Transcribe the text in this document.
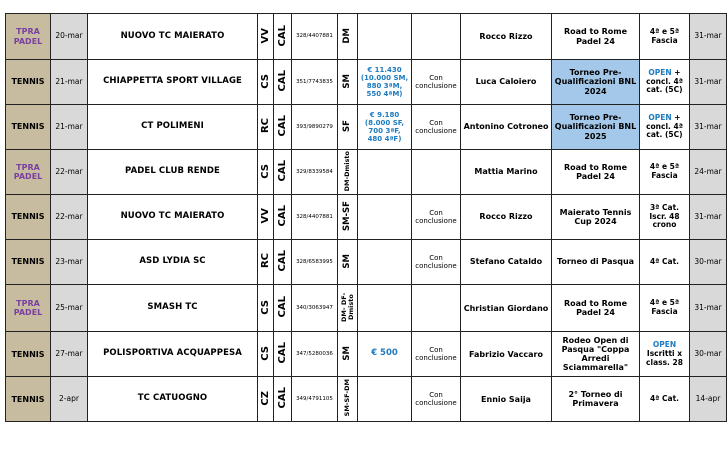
TPRA PADEL	20-mar	NUOVO TC MAIERATO	VV	CAL	328/4407881	DM			Rocco Rizzo	Road to Rome Padel 24	4ª e 5ª Fascia	31-mar
TENNIS	21-mar	CHIAPPETTA SPORT VILLAGE	CS	CAL	351/7743835	SM	€ 11.430 (10.000 SM, 880 3ªM, 550 4ªM)	Con conclusione	Luca Caloiero	Torneo Pre-Qualificazioni BNL 2024	OPEN + concl. 4ª cat. (5C)	31-mar
TENNIS	21-mar	CT POLIMENI	RC	CAL	393/9890279	SF	€ 9.180 (8.000 SF, 700 3ªF, 480 4ªF)	Con conclusione	Antonino Cotroneo	Torneo Pre-Qualificazioni BNL 2025	OPEN + concl. 4ª cat. (5C)	31-mar
TPRA PADEL	22-mar	PADEL CLUB RENDE	CS	CAL	329/8339584	DM-Dmisto			Mattia Marino	Road to Rome Padel 24	4ª e 5ª Fascia	24-mar
TENNIS	22-mar	NUOVO TC MAIERATO	VV	CAL	328/4407881	SM-SF		Con conclusione	Rocco Rizzo	Maierato Tennis Cup 2024	3ª Cat. Iscr. 48 crono	31-mar
TENNIS	23-mar	ASD LYDIA SC	RC	CAL	328/6583995	SM		Con conclusione	Stefano Cataldo	Torneo di Pasqua	4ª Cat.	30-mar
TPRA PADEL	25-mar	SMASH TC	CS	CAL	340/3063947	DM- DF- Dmisto			Christian Giordano	Road to Rome Padel 24	4ª e 5ª Fascia	31-mar
TENNIS	27-mar	POLISPORTIVA ACQUAPPESA	CS	CAL	347/5280036	SM	€ 500	Con conclusione	Fabrizio Vaccaro	Rodeo Open di Pasqua "Coppa Arredi Sciammarella"	OPEN Iscritti x class. 28	30-mar
TENNIS	2-apr	TC CATUOGNO	CZ	CAL	349/4791105	SM-SF-DM		Con conclusione	Ennio Saija	2° Torneo di Primavera	4ª Cat.	14-apr
